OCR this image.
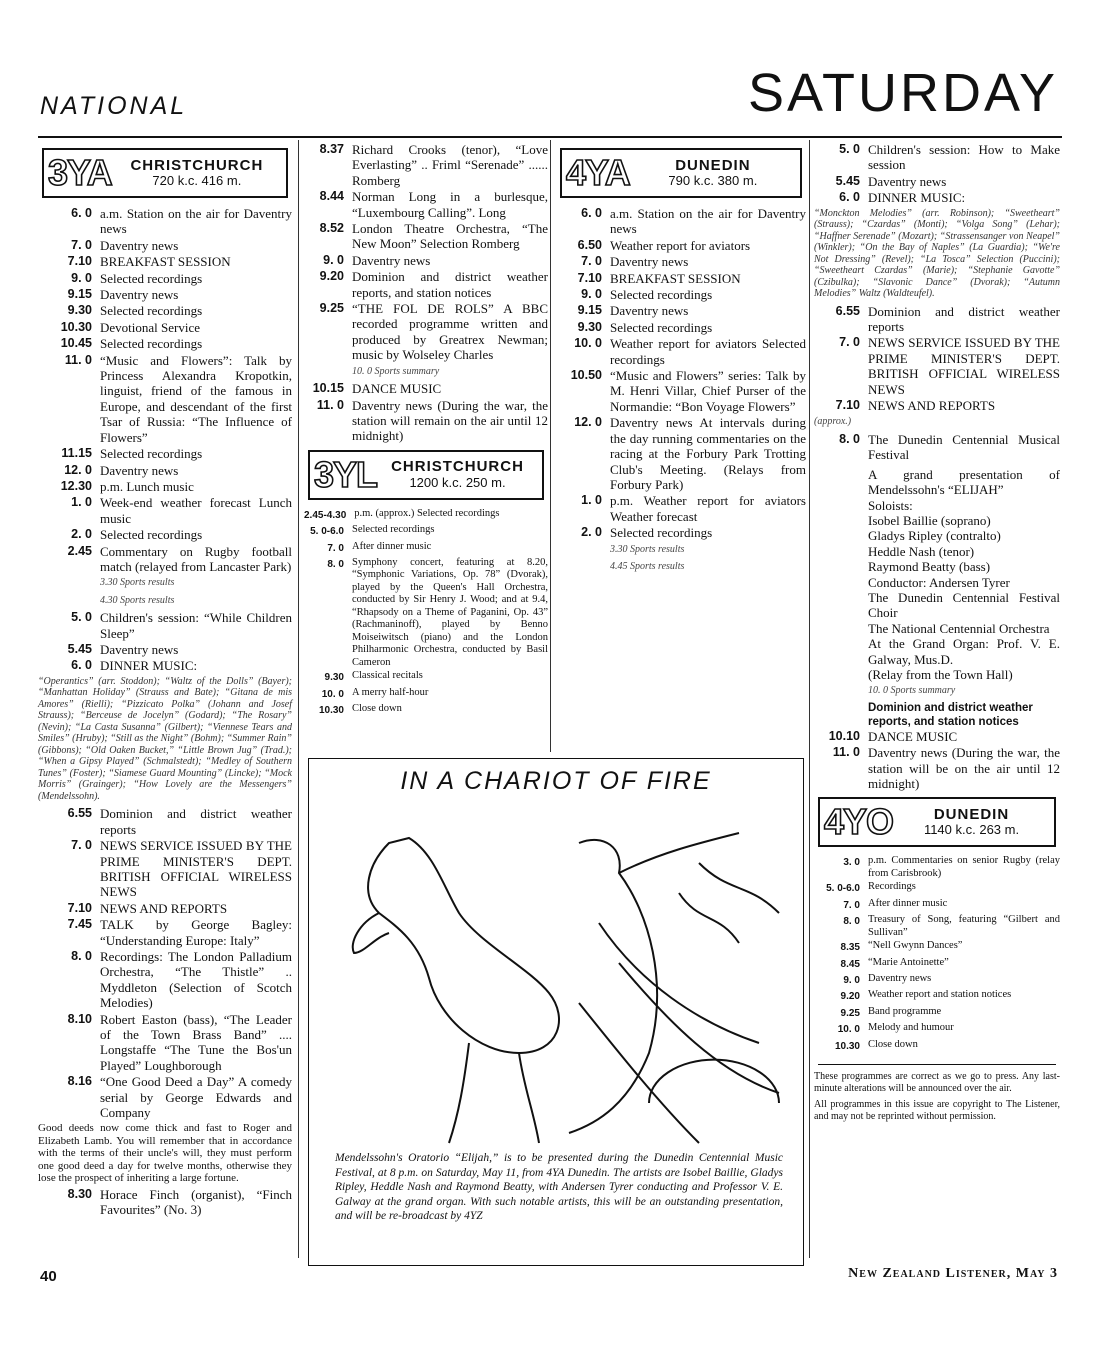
NATIONAL	SATURDAY
3YA	CHRISTCHURCH
720 k.c. 416 m.
6. 0 a.m. Station on the air for Daventry news
7. 0 Daventry news
7.10 BREAKFAST SESSION
9. 0 Selected recordings
9.15 Daventry news
9.30 Selected recordings
10.30 Devotional Service
10.45 Selected recordings
11. 0 “Music and Flowers”: Talk by Princess Alexandra Kropotkin, linguist, friend of the famous in Europe, and descendant of the first Tsar of Russia: “The Influence of Flowers”
11.15 Selected recordings
12. 0 Daventry news
12.30 p.m. Lunch music
1. 0 Week-end weather forecast Lunch music
2. 0 Selected recordings
2.45 Commentary on Rugby football match (relayed from Lancaster Park)
3.30 Sports results
4.30 Sports results
5. 0 Children's session: “While Children Sleep”
5.45 Daventry news
6. 0 DINNER MUSIC:
“Operantics” (arr. Stoddon); “Waltz of the Dolls” (Bayer); “Manhattan Holiday” (Strauss and Bate); “Gitana de mis Amores” (Rielli); “Pizzicato Polka” (Johann and Josef Strauss); “Berceuse de Jocelyn” (Godard); “The Rosary” (Nevin); “La Casta Susanna” (Gilbert); “Viennese Tears and Smiles” (Hruby); “Still as the Night” (Bohm); “Summer Rain” (Gibbons); “Old Oaken Bucket,” “Little Brown Jug” (Trad.); “When a Gipsy Played” (Schmalstedt); “Medley of Southern Tunes” (Foster); “Siamese Guard Mounting” (Lincke); “Mock Morris” (Grainger); “How Lovely are the Messengers” (Mendelssohn).
6.55 Dominion and district weather reports
7. 0 NEWS SERVICE ISSUED BY THE PRIME MINISTER'S DEPT. BRITISH OFFICIAL WIRELESS NEWS
7.10 NEWS AND REPORTS
7.45 TALK by George Bagley: “Understanding Europe: Italy”
8. 0 Recordings: The London Palladium Orchestra, “The Thistle” .. Myddleton (Selection of Scotch Melodies)
8.10 Robert Easton (bass), “The Leader of the Town Brass Band” .... Longstaffe “The Tune the Bos'un Played” Loughborough
8.16 “One Good Deed a Day” A comedy serial by George Edwards and Company
Good deeds now come thick and fast to Roger and Elizabeth Lamb. You will remember that in accordance with the terms of their uncle's will, they must perform one good deed a day for twelve months, otherwise they lose the prospect of inheriting a large fortune.
8.30 Horace Finch (organist), “Finch Favourites” (No. 3)
8.37 Richard Crooks (tenor), “Love Everlasting” .. Friml “Serenade” ...... Romberg
8.44 Norman Long in a burlesque, “Luxembourg Calling”. Long
8.52 London Theatre Orchestra, “The New Moon” Selection Romberg
9. 0 Daventry news
9.20 Dominion and district weather reports, and station notices
9.25 “THE FOL DE ROLS” A BBC recorded programme written and produced by Greatrex Newman; music by Wolseley Charles
10. 0 Sports summary
10.15 DANCE MUSIC
11. 0 Daventry news (During the war, the station will remain on the air until 12 midnight)
3YL CHRISTCHURCH
1200 k.c. 250 m.
2.45-4.30 p.m. (approx.) Selected recordings
5. 0-6.0 Selected recordings
7. 0 After dinner music
8. 0 Symphony concert, featuring at 8.20, “Symphonic Variations, Op. 78” (Dvorak), played by the Queen's Hall Orchestra, conducted by Sir Henry J. Wood; and at 9.4, “Rhapsody on a Theme of Paganini, Op. 43” (Rachmaninoff), played by Benno Moiseiwitsch (piano) and the London Philharmonic Orchestra, conducted by Basil Cameron
9.30 Classical recitals
10. 0 A merry half-hour
10.30 Close down
4YA	DUNEDIN
790 k.c. 380 m.
6. 0 a.m. Station on the air for Daventry news
6.50 Weather report for aviators
7. 0 Daventry news
7.10 BREAKFAST SESSION
9. 0 Selected recordings
9.15 Daventry news
9.30 Selected recordings
10. 0 Weather report for aviators Selected recordings
10.50 “Music and Flowers” series: Talk by M. Henri Villar, Chief Purser of the Normandie: “Bon Voyage Flowers”
12. 0 Daventry news At intervals during the day running commentaries on the racing at the Forbury Park Trotting Club's Meeting. (Relays from Forbury Park)
1. 0 p.m. Weather report for aviators Weather forecast
2. 0 Selected recordings
3.30 Sports results
4.45 Sports results
IN A CHARIOT OF FIRE
Mendelssohn's Oratorio “Elijah,” is to be presented during the Dunedin Centennial Music Festival, at 8 p.m. on Saturday, May 11, from 4YA Dunedin. The artists are Isobel Baillie, Gladys Ripley, Heddle Nash and Raymond Beatty, with Andersen Tyrer conducting and Professor V. E. Galway at the grand organ. With such notable artists, this will be an outstanding presentation, and will be re-broadcast by 4YZ
5. 0 Children's session: How to Make session
5.45 Daventry news
6. 0 DINNER MUSIC:
“Monckton Melodies” (arr. Robinson); “Sweetheart” (Strauss); “Czardas” (Monti); “Volga Song” (Lehar); “Haffner Serenade” (Mozart); “Strassensanger von Neapel” (Winkler); “On the Bay of Naples” (La Guardia); “We're Not Dressing” (Revel); “La Tosca” Selection (Puccini); “Sweetheart Czardas” (Marie); “Stephanie Gavotte” (Czibulka); “Slavonic Dance” (Dvorak); “Autumn Melodies” Waltz (Waldteufel).
6.55 Dominion and district weather reports
7. 0 NEWS SERVICE ISSUED BY THE PRIME MINISTER'S DEPT. BRITISH OFFICIAL WIRELESS NEWS
7.10 NEWS AND REPORTS
(approx.)
8. 0 The Dunedin Centennial Musical Festival
A grand presentation of Mendelssohn's “ELIJAH”
Soloists:
Isobel Baillie (soprano)
Gladys Ripley (contralto)
Heddle Nash (tenor)
Raymond Beatty (bass)
Conductor: Andersen Tyrer
The Dunedin Centennial Festival Choir
The National Centennial Orchestra
At the Grand Organ: Prof. V. E. Galway, Mus.D.
(Relay from the Town Hall)
10. 0 Sports summary
Dominion and district weather reports, and station notices
10.10 DANCE MUSIC
11. 0 Daventry news (During the war, the station will be on the air until 12 midnight)
4YO	DUNEDIN
1140 k.c. 263 m.
3. 0 p.m. Commentaries on senior Rugby (relay from Carisbrook)
5. 0-6.0 Recordings
7. 0 After dinner music
8. 0 Treasury of Song, featuring “Gilbert and Sullivan”
8.35 “Nell Gwynn Dances”
8.45 “Marie Antoinette”
9. 0 Daventry news
9.20 Weather report and station notices
9.25 Band programme
10. 0 Melody and humour
10.30 Close down
These programmes are correct as we go to press. Any last-minute alterations will be announced over the air.
All programmes in this issue are copyright to The Listener, and may not be reprinted without permission.
40	New Zealand Listener, May 3
